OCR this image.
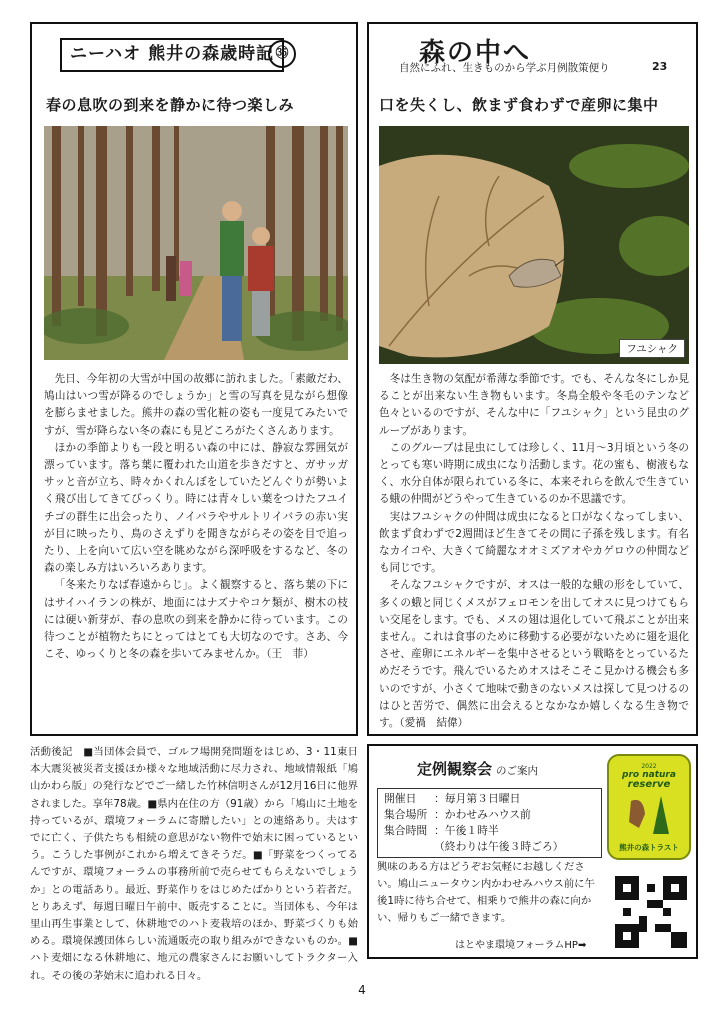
ニーハオ 熊井の森歳時記 ㉟
春の息吹の到来を静かに待つ楽しみ

先日、今年初の大雪が中国の故郷に訪れました。「素敵だわ、鳩山はいつ雪が降るのでしょうか」と雪の写真を見ながら想像を膨らませました。熊井の森の雪化粧の姿も一度見てみたいですが、雪が降らない冬の森にも見どころがたくさんあります。

ほかの季節よりも一段と明るい森の中には、静寂な雰囲気が漂っています。落ち葉に覆われた山道を歩きだすと、ガサッガサッと音が立ち、時々かくれんぼをしていたどんぐりが勢いよく飛び出してきてびっくり。時には青々しい葉をつけたフユイチゴの群生に出会ったり、ノイバラやサルトリイバラの赤い実が目に映ったり、鳥のさえずりを聞きながらその姿を目で追ったり、上を向いて広い空を眺めながら深呼吸をするなど、冬の森の楽しみ方はいろいろあります。

「冬来たりなば春遠からじ」。よく観察すると、落ち葉の下にはサイハイランの株が、地面にはナズナやコケ類が、樹木の枝には硬い新芽が、春の息吹の到来を静かに待っています。この待つことが植物たちにとってはとても大切なのです。さあ、今こそ、ゆっくりと冬の森を歩いてみませんか。（王　菲）

森の中へ
自然にふれ、生きものから学ぶ月例散策便り	23
口を失くし、飲まず食わずで産卵に集中
フユシャク

冬は生き物の気配が希薄な季節です。でも、そんな冬にしか見ることが出来ない生き物もいます。冬鳥全般や冬毛のテンなど色々といるのですが、そんな中に「フユシャク」という昆虫のグループがあります。

このグループは昆虫にしては珍しく、11月～3月頃という冬のとっても寒い時期に成虫になり活動します。花の蜜も、樹液もなく、水分自体が限られている冬に、本来それらを飲んで生きている蛾の仲間がどうやって生きているのか不思議です。

実はフユシャクの仲間は成虫になると口がなくなってしまい、飲まず食わずで2週間ほど生きてその間に子孫を残します。有名なカイコや、大きくて綺麗なオオミズアオやカゲロウの仲間なども同じです。

そんなフユシャクですが、オスは一般的な蛾の形をしていて、多くの蛾と同じくメスがフェロモンを出してオスに見つけてもらい交尾をします。でも、メスの翅は退化していて飛ぶことが出来ません。これは食事のために移動する必要がないために翅を退化させ、産卵にエネルギーを集中させるという戦略をとっているためだそうです。飛んでいるためオスはそこそこ見かける機会も多いのですが、小さくて地味で動きのないメスは探して見つけるのはひと苦労で、偶然に出会えるとなかなか嬉しくなる生き物です。（愛禍　結偉）

活動後記　■当団体会員で、ゴルフ場開発問題をはじめ、3・11東日本大震災被災者支援ほか様々な地域活動に尽力され、地域情報紙「鳩山かわら版」の発行などでご一緒した竹林信明さんが12月16日に他界されました。享年78歳。■県内在住の方（91歳）から「鳩山に土地を持っているが、環境フォーラムに寄贈したい」との連絡あり。夫はすでに亡く、子供たちも相続の意思がない物件で始末に困っているという。こうした事例がこれから増えてきそうだ。■「野菜をつくってるんですが、環境フォーラムの事務所前で売らせてもらえないでしょうか」との電話あり。最近、野菜作りをはじめたばかりという若者だ。とりあえず、毎週日曜日午前中、販売することに。当団体も、今年は里山再生事業として、休耕地でのハト麦栽培のほか、野菜づくりも始める。環境保護団体らしい流通販売の取り組みができないものか。■ハト麦畑になる休耕地に、地元の農家さんにお願いしてトラクター入れ。その後の茅始末に追われる日々。
定例観察会 のご案内
開催日	：毎月第３日曜日
集合場所 ：かわせみハウス前
集合時間 ：午後１時半
（終わりは午後３時ごろ）
興味のある方はどうぞお気軽にお越しください。鳩山ニュータウン内かわせみハウス前に午後1時に待ち合せて、相乗りで熊井の森に向かい、帰りもご一緒できます。
はとやま環境フォーラムHP➡
2022
pro natura
reserve
熊井の森トラスト
4
